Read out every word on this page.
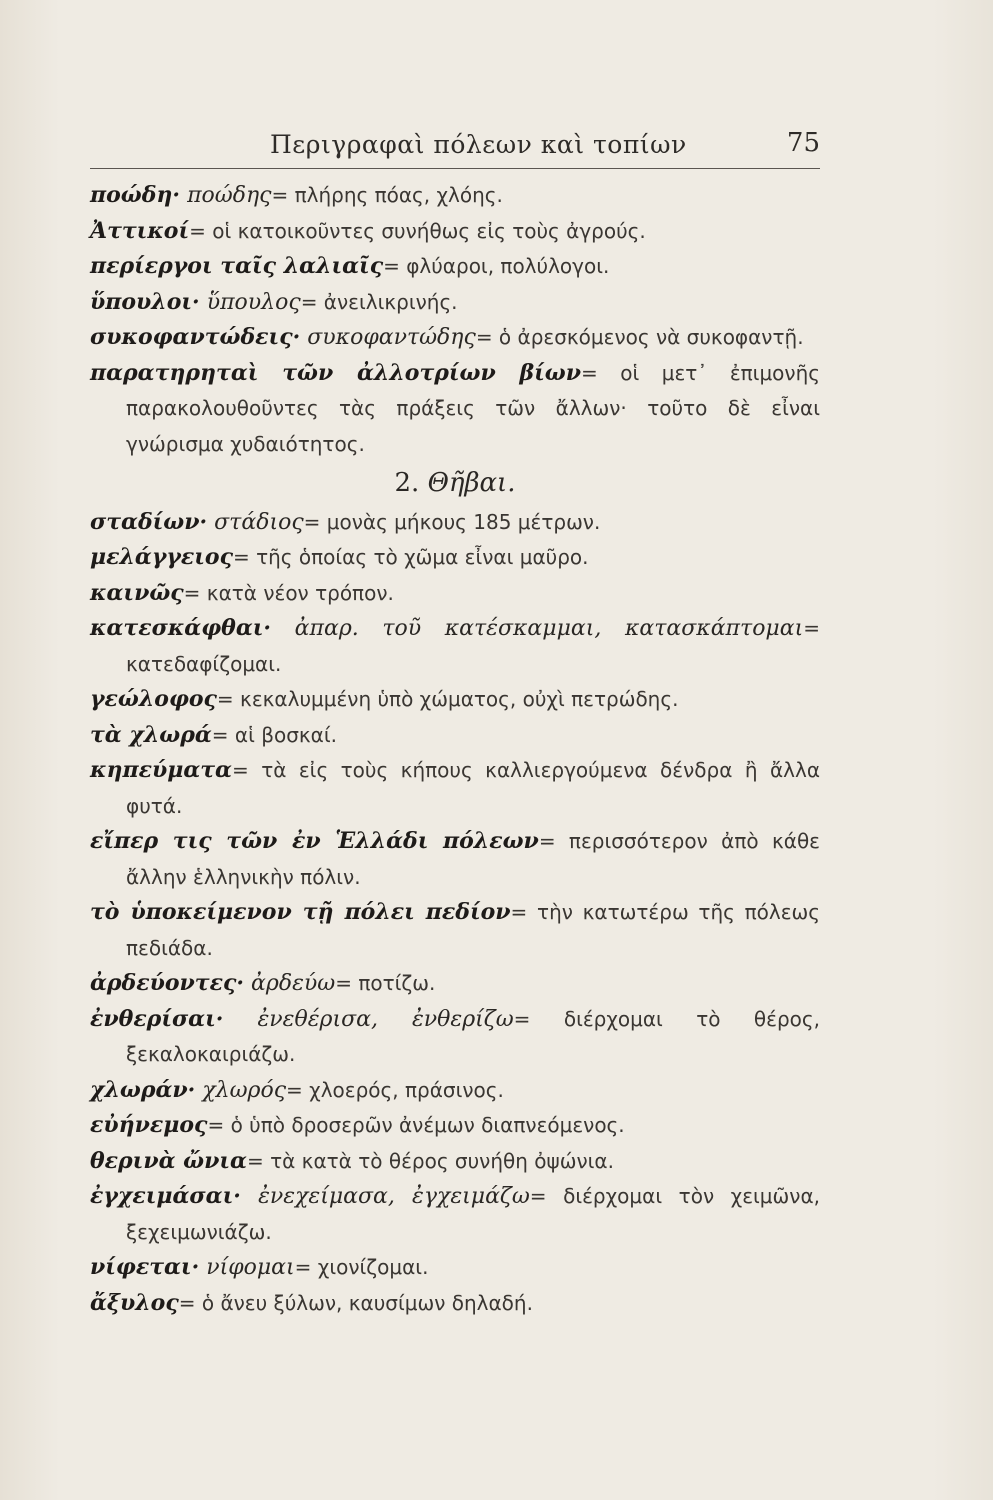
Περιγραφαὶ πόλεων καὶ τοπίων	75

ποώδη· ποώδης= πλήρης πόας, χλόης.

Ἀττικοί= οἱ κατοικοῦντες συνήθως εἰς τοὺς ἀγρούς.

περίεργοι ταῖς λαλιαῖς= φλύαροι, πολύλογοι.

ὕπουλοι· ὕπουλος= ἀνειλικρινής.

συκοφαντώδεις· συκοφαντώδης= ὁ ἀρεσκόμενος νὰ συκοφαντῇ.

παρατηρηταὶ τῶν ἀλλοτρίων βίων= οἱ μετ᾽ ἐπιμονῆς παρακολουθοῦντες τὰς πράξεις τῶν ἄλλων· τοῦτο δὲ εἶναι γνώρισμα χυδαιότητος.

2. Θῆβαι.

σταδίων· στάδιος= μονὰς μήκους 185 μέτρων.

μελάγγειος= τῆς ὁποίας τὸ χῶμα εἶναι μαῦρο.

καινῶς= κατὰ νέον τρόπον.

κατεσκάφθαι· ἀπαρ. τοῦ κατέσκαμμαι, κατασκάπτομαι= κατεδαφίζομαι.

γεώλοφος= κεκαλυμμένη ὑπὸ χώματος, οὐχὶ πετρώδης.

τὰ χλωρά= αἱ βοσκαί.

κηπεύματα= τὰ εἰς τοὺς κήπους καλλιεργούμενα δένδρα ἢ ἄλλα φυτά.

εἴπερ τις τῶν ἐν Ἑλλάδι πόλεων= περισσότερον ἀπὸ κάθε ἄλλην ἑλληνικὴν πόλιν.

τὸ ὑποκείμενον τῇ πόλει πεδίον= τὴν κατωτέρω τῆς πόλεως πεδιάδα.

ἀρδεύοντες· ἀρδεύω= ποτίζω.

ἐνθερίσαι· ἐνεθέρισα, ἐνθερίζω= διέρχομαι τὸ θέρος, ξεκαλοκαιριάζω.

χλωράν· χλωρός= χλοερός, πράσινος.

εὐήνεμος= ὁ ὑπὸ δροσερῶν ἀνέμων διαπνεόμενος.

θερινὰ ὤνια= τὰ κατὰ τὸ θέρος συνήθη ὀψώνια.

ἐγχειμάσαι· ἐνεχείμασα, ἐγχειμάζω= διέρχομαι τὸν χειμῶνα, ξεχειμωνιάζω.

νίφεται· νίφομαι= χιονίζομαι.

ἄξυλος= ὁ ἄνευ ξύλων, καυσίμων δηλαδή.
